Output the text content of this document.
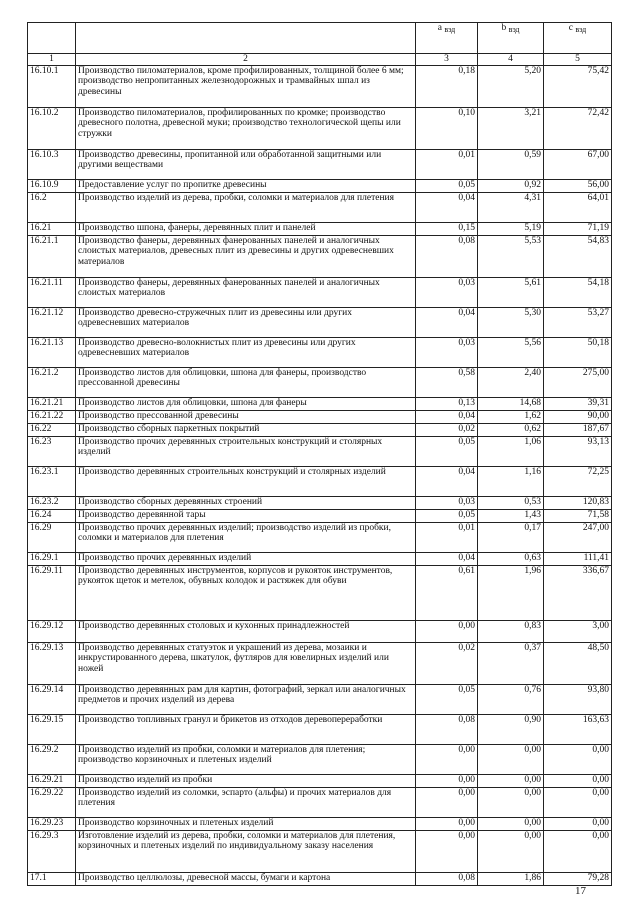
		a $_{вэд}$	b $_{вэд}$	c $_{вэд}$
1	2	3	4	5
16.10.1	Производство пиломатериалов, кроме профилированных, толщиной более 6 мм; производство непропитанных железнодорожных и трамвайных шпал из древесины	0,18	5,20	75,42
16.10.2	Производство пиломатериалов, профилированных по кромке; производство древесного полотна, древесной муки; производство технологической щепы или стружки	0,10	3,21	72,42
16.10.3	Производство древесины, пропитанной или обработанной защитными или другими веществами	0,01	0,59	67,00
16.10.9	Предоставление услуг по пропитке древесины	0,05	0,92	56,00
16.2	Производство изделий из дерева, пробки, соломки и материалов для плетения	0,04	4,31	64,01
16.21	Производство шпона, фанеры, деревянных плит и панелей	0,15	5,19	71,19
16.21.1	Производство фанеры, деревянных фанерованных панелей и аналогичных слоистых материалов, древесных плит из древесины и других одревесневших материалов	0,08	5,53	54,83
16.21.11	Производство фанеры, деревянных фанерованных панелей и аналогичных слоистых материалов	0,03	5,61	54,18
16.21.12	Производство древесно-стружечных плит из древесины или других одревесневших материалов	0,04	5,30	53,27
16.21.13	Производство древесно-волокнистых плит из древесины или других одревесневших материалов	0,03	5,56	50,18
16.21.2	Производство листов для облицовки, шпона для фанеры, производство прессованной древесины	0,58	2,40	275,00
16.21.21	Производство листов для облицовки, шпона для фанеры	0,13	14,68	39,31
16.21.22	Производство прессованной древесины	0,04	1,62	90,00
16.22	Производство сборных паркетных покрытий	0,02	0,62	187,67
16.23	Производство прочих деревянных строительных конструкций и столярных изделий	0,05	1,06	93,13
16.23.1	Производство деревянных строительных конструкций и столярных изделий	0,04	1,16	72,25
16.23.2	Производство сборных деревянных строений	0,03	0,53	120,83
16.24	Производство деревянной тары	0,05	1,43	71,58
16.29	Производство прочих деревянных изделий; производство изделий из пробки, соломки и материалов для плетения	0,01	0,17	247,00
16.29.1	Производство прочих деревянных изделий	0,04	0,63	111,41
16.29.11	Производство деревянных инструментов, корпусов и рукояток инструментов, рукояток щеток и метелок, обувных колодок и растяжек для обуви	0,61	1,96	336,67
16.29.12	Производство деревянных столовых и кухонных принадлежностей	0,00	0,83	3,00
16.29.13	Производство деревянных статуэток и украшений из дерева, мозаики и инкрустированного дерева, шкатулок, футляров для ювелирных изделий или ножей	0,02	0,37	48,50
16.29.14	Производство деревянных рам для картин, фотографий, зеркал или аналогичных предметов и прочих изделий из дерева	0,05	0,76	93,80
16.29.15	Производство топливных гранул и брикетов из отходов деревопереработки	0,08	0,90	163,63
16.29.2	Производство изделий из пробки, соломки и материалов для плетения; производство корзиночных и плетеных изделий	0,00	0,00	0,00
16.29.21	Производство изделий из пробки	0,00	0,00	0,00
16.29.22	Производство изделий из соломки, эспарто (альфы) и прочих материалов для плетения	0,00	0,00	0,00
16.29.23	Производство корзиночных и плетеных изделий	0,00	0,00	0,00
16.29.3	Изготовление изделий из дерева, пробки, соломки и материалов для плетения, корзиночных и плетеных изделий по индивидуальному заказу населения	0,00	0,00	0,00
17.1	Производство целлюлозы, древесной массы, бумаги и картона	0,08	1,86	79,28
17
